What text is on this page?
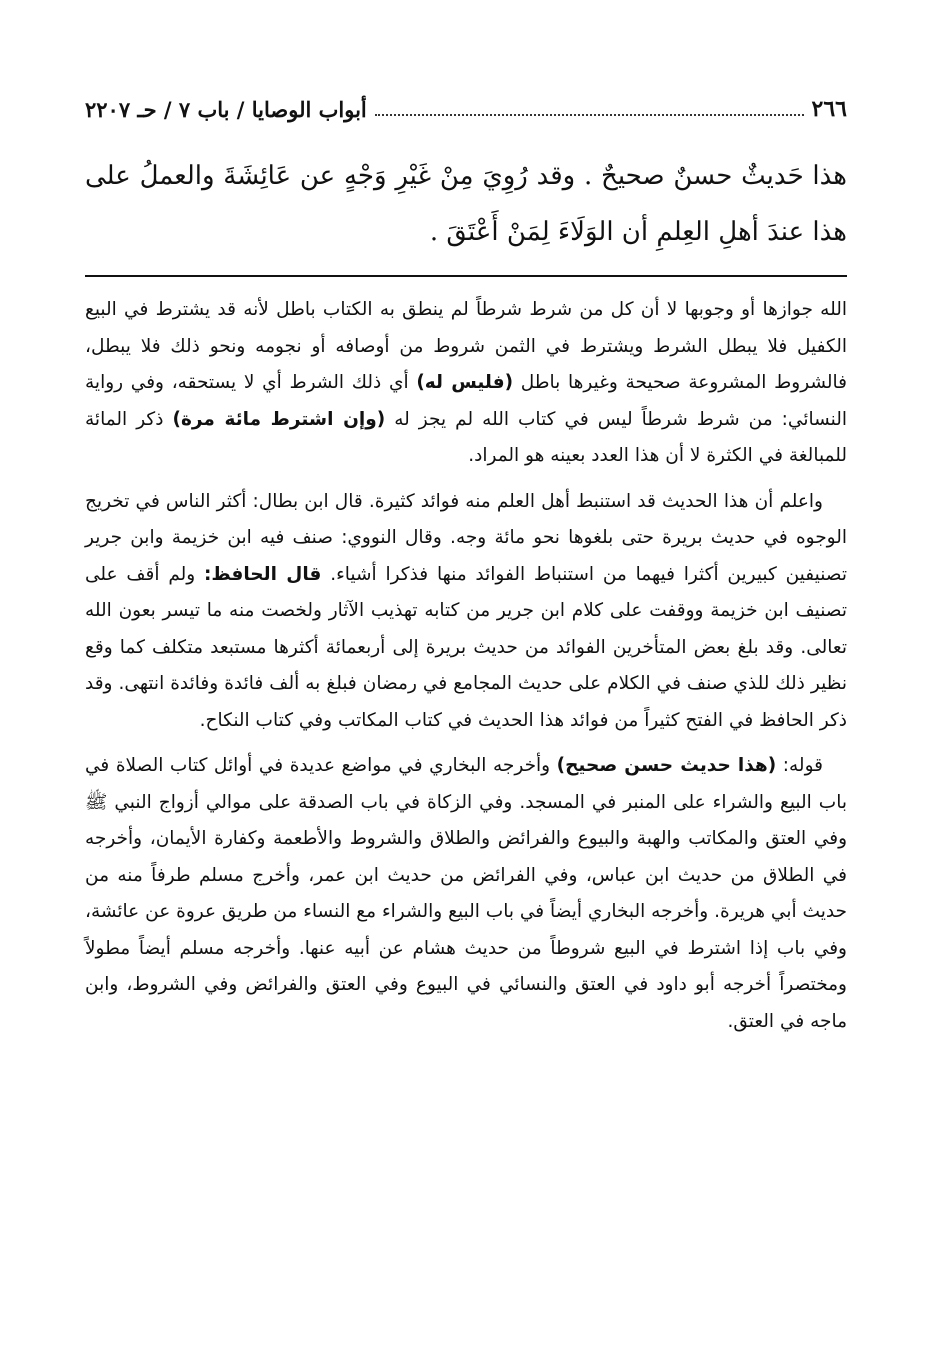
٢٦٦
أبواب الوصايا / باب ٧ / حـ ٢٢٠٧

هذا حَديثٌ حسنٌ صحيحٌ . وقد رُوِيَ مِنْ غَيْرِ وَجْهٍ عن عَائِشَةَ والعملُ على هذا عندَ أهلِ العِلمِ أن الوَلَاءَ لِمَنْ أَعْتَقَ .

الله جوازها أو وجوبها لا أن كل من شرط شرطاً لم ينطق به الكتاب باطل لأنه قد يشترط في البيع الكفيل فلا يبطل الشرط ويشترط في الثمن شروط من أوصافه أو نجومه ونحو ذلك فلا يبطل، فالشروط المشروعة صحيحة وغيرها باطل (فليس له) أي ذلك الشرط أي لا يستحقه، وفي رواية النسائي: من شرط شرطاً ليس في كتاب الله لم يجز له (وإن اشترط مائة مرة) ذكر المائة للمبالغة في الكثرة لا أن هذا العدد بعينه هو المراد.

واعلم أن هذا الحديث قد استنبط أهل العلم منه فوائد كثيرة. قال ابن بطال: أكثر الناس في تخريج الوجوه في حديث بريرة حتى بلغوها نحو مائة وجه. وقال النووي: صنف فيه ابن خزيمة وابن جرير تصنيفين كبيرين أكثرا فيهما من استنباط الفوائد منها فذكرا أشياء. قال الحافظ: ولم أقف على تصنيف ابن خزيمة ووقفت على كلام ابن جرير من كتابه تهذيب الآثار ولخصت منه ما تيسر بعون الله تعالى. وقد بلغ بعض المتأخرين الفوائد من حديث بريرة إلى أربعمائة أكثرها مستبعد متكلف كما وقع نظير ذلك للذي صنف في الكلام على حديث المجامع في رمضان فبلغ به ألف فائدة وفائدة انتهى. وقد ذكر الحافظ في الفتح كثيراً من فوائد هذا الحديث في كتاب المكاتب وفي كتاب النكاح.

قوله: (هذا حديث حسن صحيح) وأخرجه البخاري في مواضع عديدة في أوائل كتاب الصلاة في باب البيع والشراء على المنبر في المسجد. وفي الزكاة في باب الصدقة على موالي أزواج النبي ﷺ وفي العتق والمكاتب والهبة والبيوع والفرائض والطلاق والشروط والأطعمة وكفارة الأيمان، وأخرجه في الطلاق من حديث ابن عباس، وفي الفرائض من حديث ابن عمر، وأخرج مسلم طرفاً منه من حديث أبي هريرة. وأخرجه البخاري أيضاً في باب البيع والشراء مع النساء من طريق عروة عن عائشة، وفي باب إذا اشترط في البيع شروطاً من حديث هشام عن أبيه عنها. وأخرجه مسلم أيضاً مطولاً ومختصراً أخرجه أبو داود في العتق والنسائي في البيوع وفي العتق والفرائض وفي الشروط، وابن ماجه في العتق.
